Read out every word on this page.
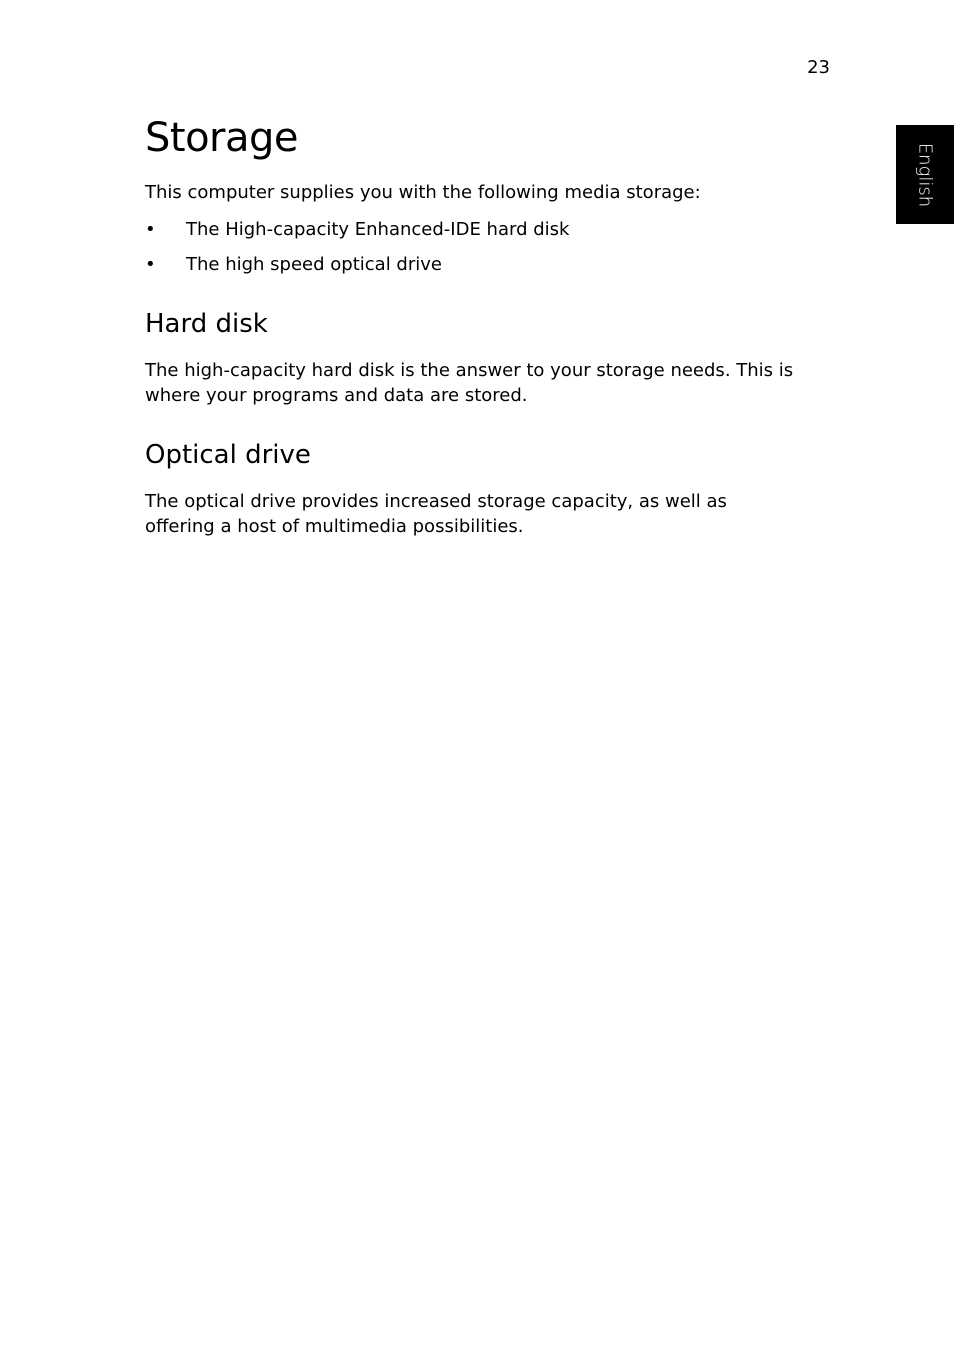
23
English
Storage

This computer supplies you with the following media storage:

• The High-capacity Enhanced-IDE hard disk
• The high speed optical drive
Hard disk

The high-capacity hard disk is the answer to your storage needs. This is where your programs and data are stored.

Optical drive

The optical drive provides increased storage capacity, as well as offering a host of multimedia possibilities.
